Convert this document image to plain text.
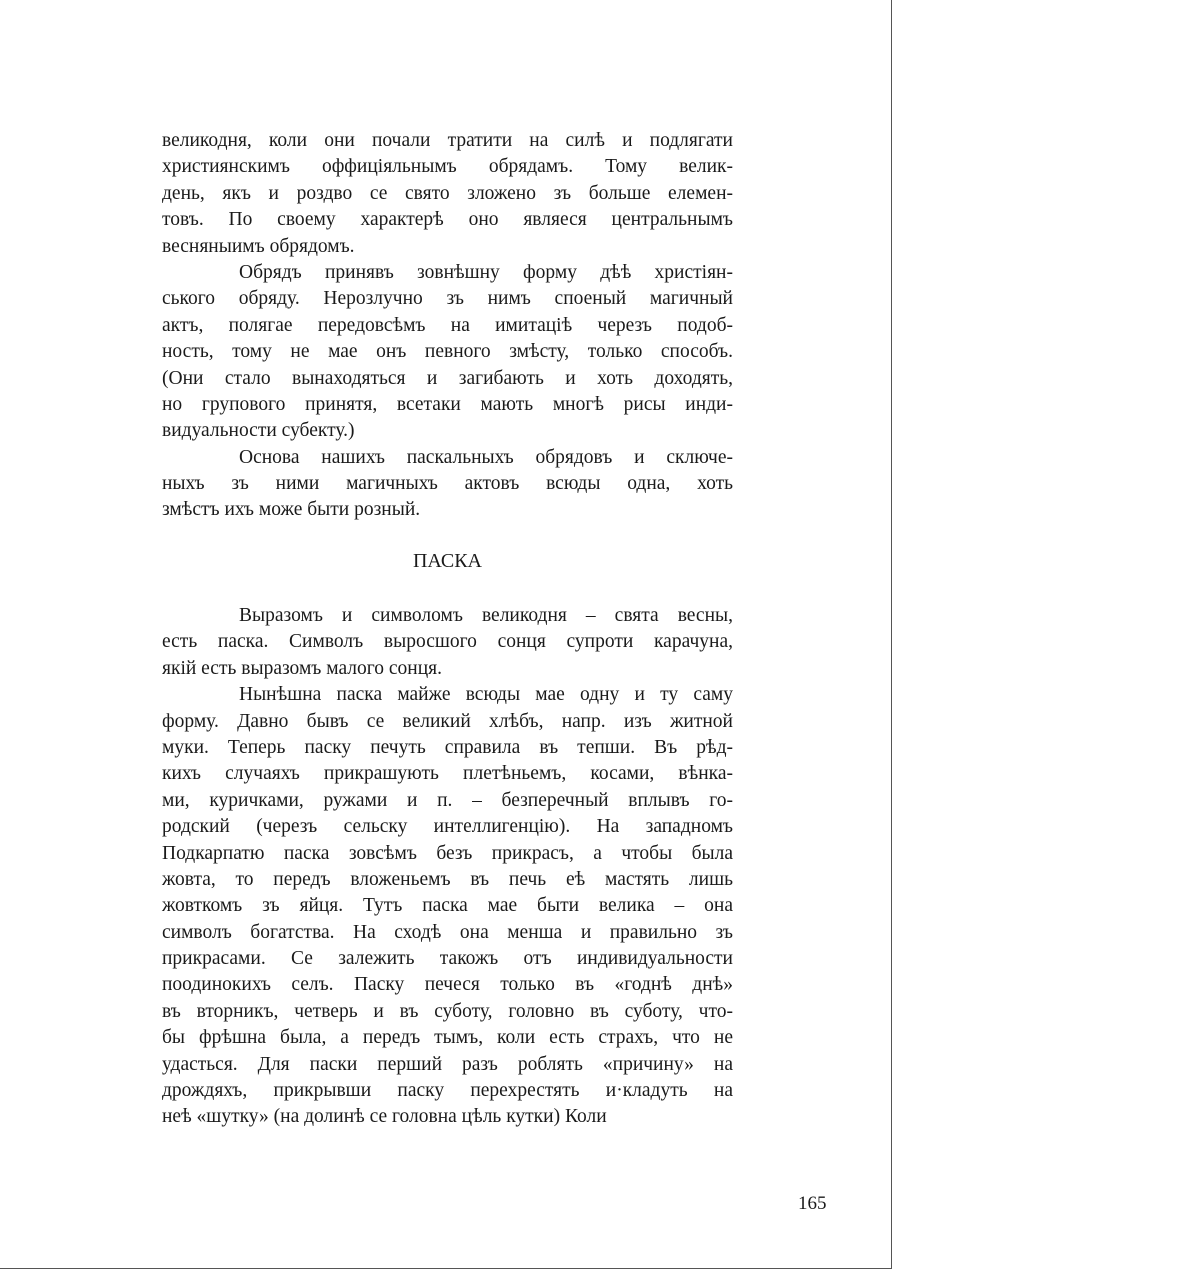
великодня, коли они почали тратити на силѣ и подлягати
християнскимъ оффиціяльнымъ обрядамъ. Тому велик-
день, якъ и роздво се свято зложено зъ больше елемен-
товъ. По своему характерѣ оно являеся центральнымъ
весняныимъ обрядомъ.
Обрядъ принявъ зовнѣшну форму дѣѣ христіян-
ського обряду. Нерозлучно зъ нимъ споеный магичный
актъ, полягае передовсѣмъ на имитаціѣ черезъ подоб-
ность, тому не мае онъ певного змѣсту, только способъ.
(Они стало вынаходяться и загибають и хоть доходять,
но групового принятя, всетаки мають многѣ рисы инди-
видуальности субекту.)
Основа нашихъ паскальныхъ обрядовъ и сключе-
ныхъ зъ ними магичныхъ актовъ всюды одна, хоть
змѣстъ ихъ може быти розный.
ПАСКА
Выразомъ и символомъ великодня – свята весны,
есть паска. Символъ выросшого сонця супроти карачуна,
якій есть выразомъ малого сонця.
Нынѣшна паска майже всюды мае одну и ту саму
форму. Давно бывъ се великий хлѣбъ, напр. изъ житной
муки. Теперь паску печуть справила въ тепши. Въ рѣд-
кихъ случаяхъ прикрашують плетѣньемъ, косами, вѣнка-
ми, куричками, ружами и п. – безперечный вплывъ го-
родский (черезъ сельску интеллигенцію). На западномъ
Подкарпатю паска зовсѣмъ безъ прикрасъ, а чтобы была
жовта, то передъ вложеньемъ въ печь еѣ мастять лишь
жовткомъ зъ яйця. Тутъ паска мае быти велика – она
символъ богатства. На сходѣ она менша и правильно зъ
прикрасами. Се залежить такожъ отъ индивидуальности
поодинокихъ селъ. Паску печеся только въ «годнѣ днѣ»
въ вторникъ, четверь и въ суботу, головно въ суботу, что-
бы фрѣшна была, а передъ тымъ, коли есть страхъ, что не
удасться. Для паски перший разъ роблять «причину» на
дрождяхъ, прикрывши паску перехрестять и·кладуть на
неѣ «шутку» (на долинѣ се головна цѣль кутки) Коли
165
